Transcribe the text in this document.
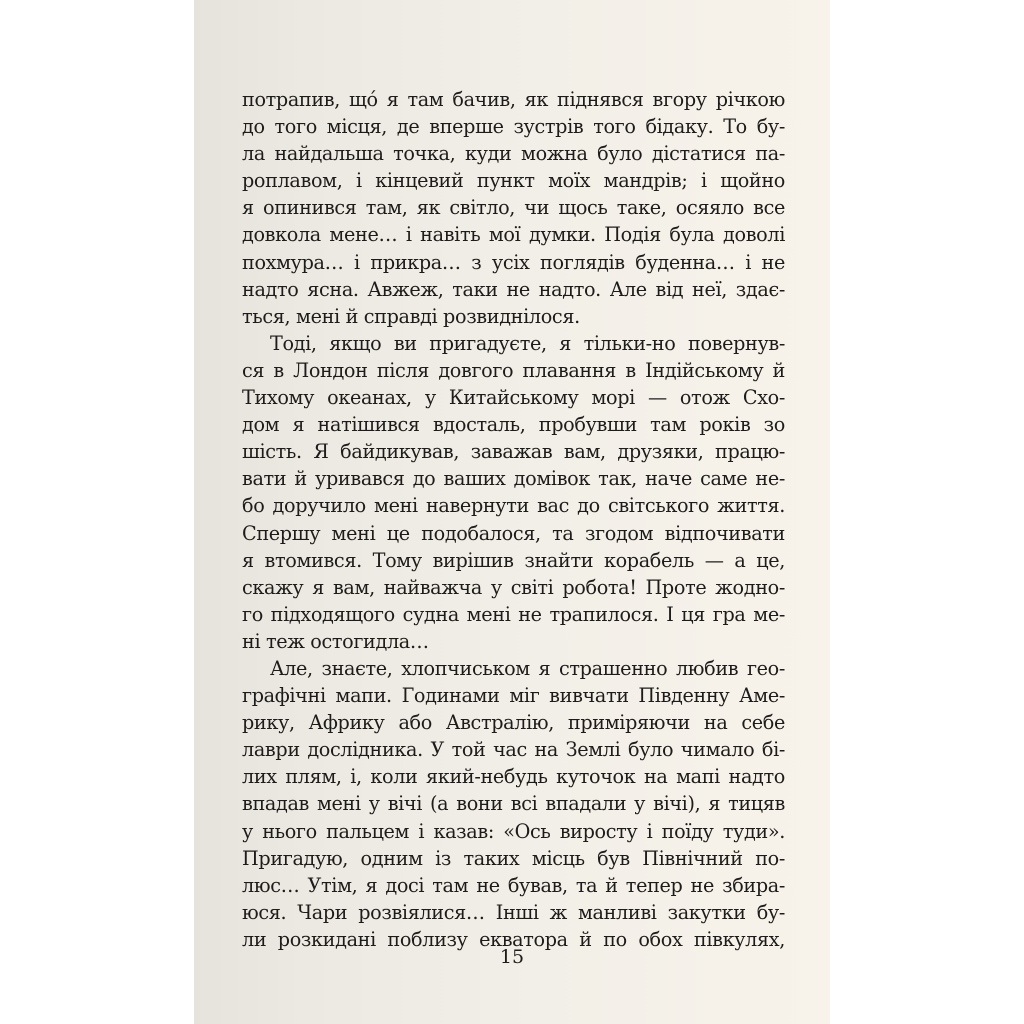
потрапив, щó я там бачив, як піднявся вгору річкою
до того місця, де вперше зустрів того бідаку. То бу-
ла найдальша точка, куди можна було дістатися па-
роплавом, і кінцевий пункт моїх мандрів; і щойно
я опинився там, як світло, чи щось таке, осяяло все
довкола мене… і навіть мої думки. Подія була доволі
похмура… і прикра… з усіх поглядів буденна… і не
надто ясна. Авжеж, таки не надто. Але від неї, здає-
ться, мені й справді розвиднілося.
Тоді, якщо ви пригадуєте, я тільки-но повернув-
ся в Лондон після довгого плавання в Індійському й
Тихому океанах, у Китайському морі — отож Схо-
дом я натішився вдосталь, пробувши там років зо
шість. Я байдикував, заважав вам, друзяки, працю-
вати й уривався до ваших домівок так, наче саме не-
бо доручило мені навернути вас до світського життя.
Спершу мені це подобалося, та згодом відпочивати
я втомився. Тому вирішив знайти корабель — а це,
скажу я вам, найважча у світі робота! Проте жодно-
го підходящого судна мені не трапилося. І ця гра ме-
ні теж остогидла…
Але, знаєте, хлопчиськом я страшенно любив гео-
графічні мапи. Годинами міг вивчати Південну Аме-
рику, Африку або Австралію, приміряючи на себе
лаври дослідника. У той час на Землі було чимало бі-
лих плям, і, коли який-небудь куточок на мапі надто
впадав мені у вічі (а вони всі впадали у вічі), я тицяв
у нього пальцем і казав: «Ось виросту і поїду туди».
Пригадую, одним із таких місць був Північний по-
люс… Утім, я досі там не бував, та й тепер не збира-
юся. Чари розвіялися… Інші ж манливі закутки бу-
ли розкидані поблизу екватора й по обох півкулях,
15
